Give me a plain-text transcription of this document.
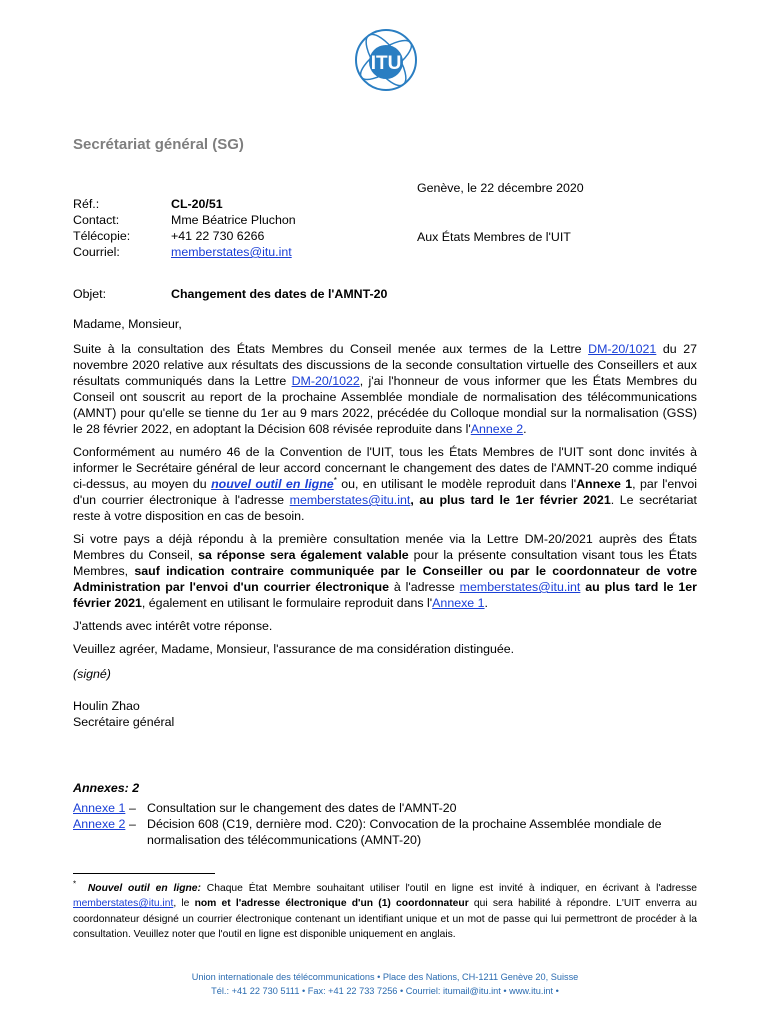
ITU
Secrétariat général (SG)
Genève, le 22 décembre 2020
Aux États Membres de l'UIT
Réf.:	CL-20/51
Contact:	Mme Béatrice Pluchon
Télécopie:	+41 22 730 6266
Courriel:	memberstates@itu.int
Objet:	Changement des dates de l'AMNT-20

Madame, Monsieur,

Suite à la consultation des États Membres du Conseil menée aux termes de la Lettre DM-20/1021 du 27 novembre 2020 relative aux résultats des discussions de la seconde consultation virtuelle des Conseillers et aux résultats communiqués dans la Lettre DM-20/1022, j'ai l'honneur de vous informer que les États Membres du Conseil ont souscrit au report de la prochaine Assemblée mondiale de normalisation des télécommunications (AMNT) pour qu'elle se tienne du 1er au 9 mars 2022, précédée du Colloque mondial sur la normalisation (GSS) le 28 février 2022, en adoptant la Décision 608 révisée reproduite dans l'Annexe 2.

Conformément au numéro 46 de la Convention de l'UIT, tous les États Membres de l'UIT sont donc invités à informer le Secrétaire général de leur accord concernant le changement des dates de l'AMNT-20 comme indiqué ci-dessus, au moyen du nouvel outil en ligne* ou, en utilisant le modèle reproduit dans l'Annexe 1, par l'envoi d'un courrier électronique à l'adresse memberstates@itu.int, au plus tard le 1er février 2021. Le secrétariat reste à votre disposition en cas de besoin.

Si votre pays a déjà répondu à la première consultation menée via la Lettre DM-20/2021 auprès des États Membres du Conseil, sa réponse sera également valable pour la présente consultation visant tous les États Membres, sauf indication contraire communiquée par le Conseiller ou par le coordonnateur de votre Administration par l'envoi d'un courrier électronique à l'adresse memberstates@itu.int au plus tard le 1er février 2021, également en utilisant le formulaire reproduit dans l'Annexe 1.

J'attends avec intérêt votre réponse.

Veuillez agréer, Madame, Monsieur, l'assurance de ma considération distinguée.

(signé)

Houlin Zhao

Secrétaire général

Annexes: 2
Annexe 1 – Consultation sur le changement des dates de l'AMNT-20
Annexe 2 – Décision 608 (C19, dernière mod. C20): Convocation de la prochaine Assemblée mondiale de normalisation des télécommunications (AMNT-20)
* Nouvel outil en ligne: Chaque État Membre souhaitant utiliser l'outil en ligne est invité à indiquer, en écrivant à l'adresse memberstates@itu.int, le nom et l'adresse électronique d'un (1) coordonnateur qui sera habilité à répondre. L'UIT enverra au coordonnateur désigné un courrier électronique contenant un identifiant unique et un mot de passe qui lui permettront de procéder à la consultation. Veuillez noter que l'outil en ligne est disponible uniquement en anglais.
Union internationale des télécommunications • Place des Nations, CH-1211 Genève 20, Suisse
Tél.: +41 22 730 5111 • Fax: +41 22 733 7256 • Courriel: itumail@itu.int • www.itu.int •
